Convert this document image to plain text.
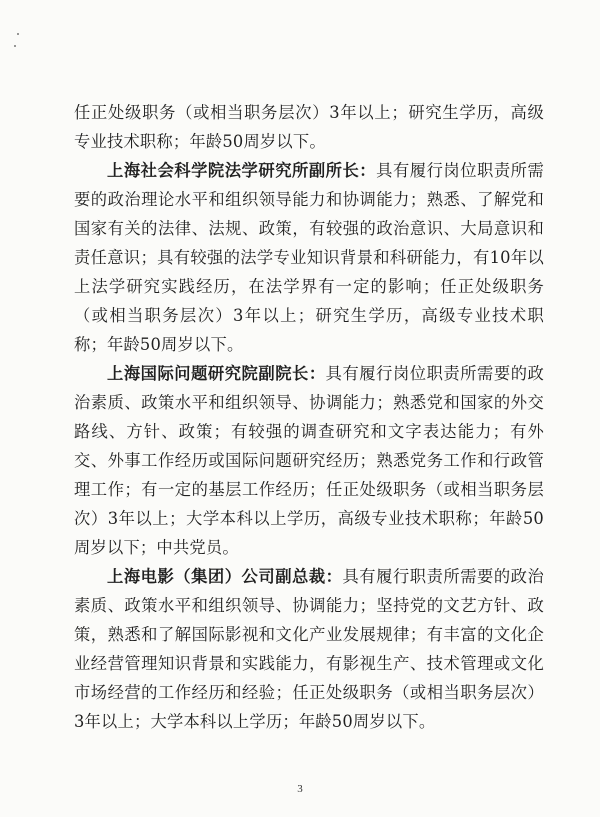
任正处级职务（或相当职务层次）3年以上；研究生学历，高级专业技术职称；年龄50周岁以下。

上海社会科学院法学研究所副所长：具有履行岗位职责所需要的政治理论水平和组织领导能力和协调能力；熟悉、了解党和国家有关的法律、法规、政策，有较强的政治意识、大局意识和责任意识；具有较强的法学专业知识背景和科研能力，有10年以上法学研究实践经历，在法学界有一定的影响；任正处级职务（或相当职务层次）3年以上；研究生学历，高级专业技术职称；年龄50周岁以下。

上海国际问题研究院副院长：具有履行岗位职责所需要的政治素质、政策水平和组织领导、协调能力；熟悉党和国家的外交路线、方针、政策；有较强的调查研究和文字表达能力；有外交、外事工作经历或国际问题研究经历；熟悉党务工作和行政管理工作；有一定的基层工作经历；任正处级职务（或相当职务层次）3年以上；大学本科以上学历，高级专业技术职称；年龄50周岁以下；中共党员。

上海电影（集团）公司副总裁：具有履行职责所需要的政治素质、政策水平和组织领导、协调能力；坚持党的文艺方针、政策，熟悉和了解国际影视和文化产业发展规律；有丰富的文化企业经营管理知识背景和实践能力，有影视生产、技术管理或文化市场经营的工作经历和经验；任正处级职务（或相当职务层次）3年以上；大学本科以上学历；年龄50周岁以下。

3
